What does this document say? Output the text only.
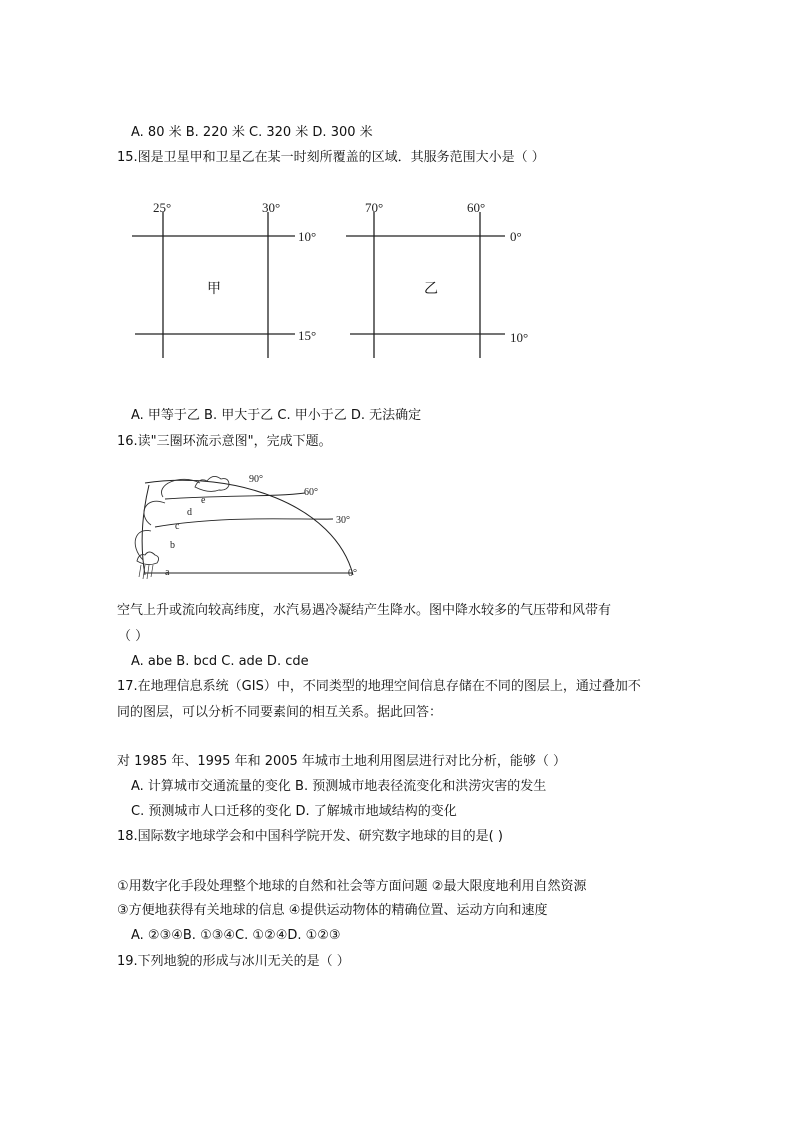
A. 80 米 B. 220 米 C. 320 米 D. 300 米
15.图是卫星甲和卫星乙在某一时刻所覆盖的区域．其服务范围大小是（ ）
25°	30°
10°
15°
甲
70°	60°
0°
10°
乙
A. 甲等于乙 B. 甲大于乙 C. 甲小于乙 D. 无法确定
16.读"三圈环流示意图"，完成下题。
90°
60°
30°
0°
a
b
c
d
e
空气上升或流向较高纬度，水汽易遇冷凝结产生降水。图中降水较多的气压带和风带有
（ ）
A. abe B. bcd C. ade D. cde
17.在地理信息系统（GIS）中，不同类型的地理空间信息存储在不同的图层上，通过叠加不
同的图层，可以分析不同要素间的相互关系。据此回答：
对 1985 年、1995 年和 2005 年城市土地利用图层进行对比分析，能够（ ）
A. 计算城市交通流量的变化 B. 预测城市地表径流变化和洪涝灾害的发生
C. 预测城市人口迁移的变化 D. 了解城市地域结构的变化
18.国际数字地球学会和中国科学院开发、研究数字地球的目的是( )
①用数字化手段处理整个地球的自然和社会等方面问题 ②最大限度地利用自然资源
③方便地获得有关地球的信息 ④提供运动物体的精确位置、运动方向和速度
A. ②③④B. ①③④C. ①②④D. ①②③
19.下列地貌的形成与冰川无关的是（ ）
